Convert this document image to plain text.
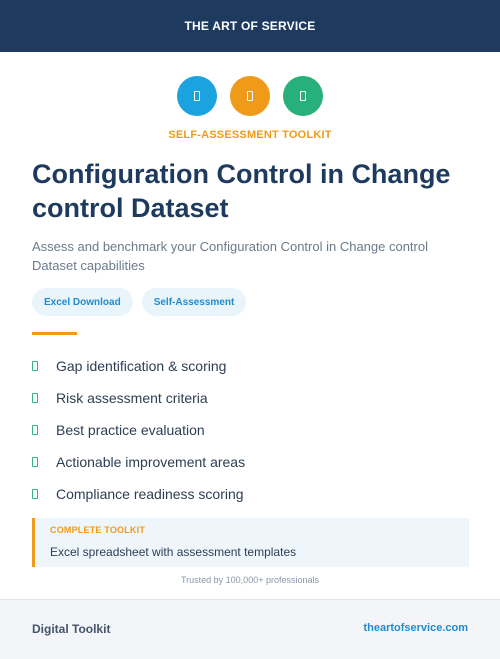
THE ART OF SERVICE
SELF-ASSESSMENT TOOLKIT
Configuration Control in Change control Dataset

Assess and benchmark your Configuration Control in Change control Dataset capabilities

Excel Download	Self-Assessment
Gap identification & scoring
Risk assessment criteria
Best practice evaluation
Actionable improvement areas
Compliance readiness scoring
COMPLETE TOOLKIT
Excel spreadsheet with assessment templates
Trusted by 100,000+ professionals
Digital Toolkit	theartofservice.com
